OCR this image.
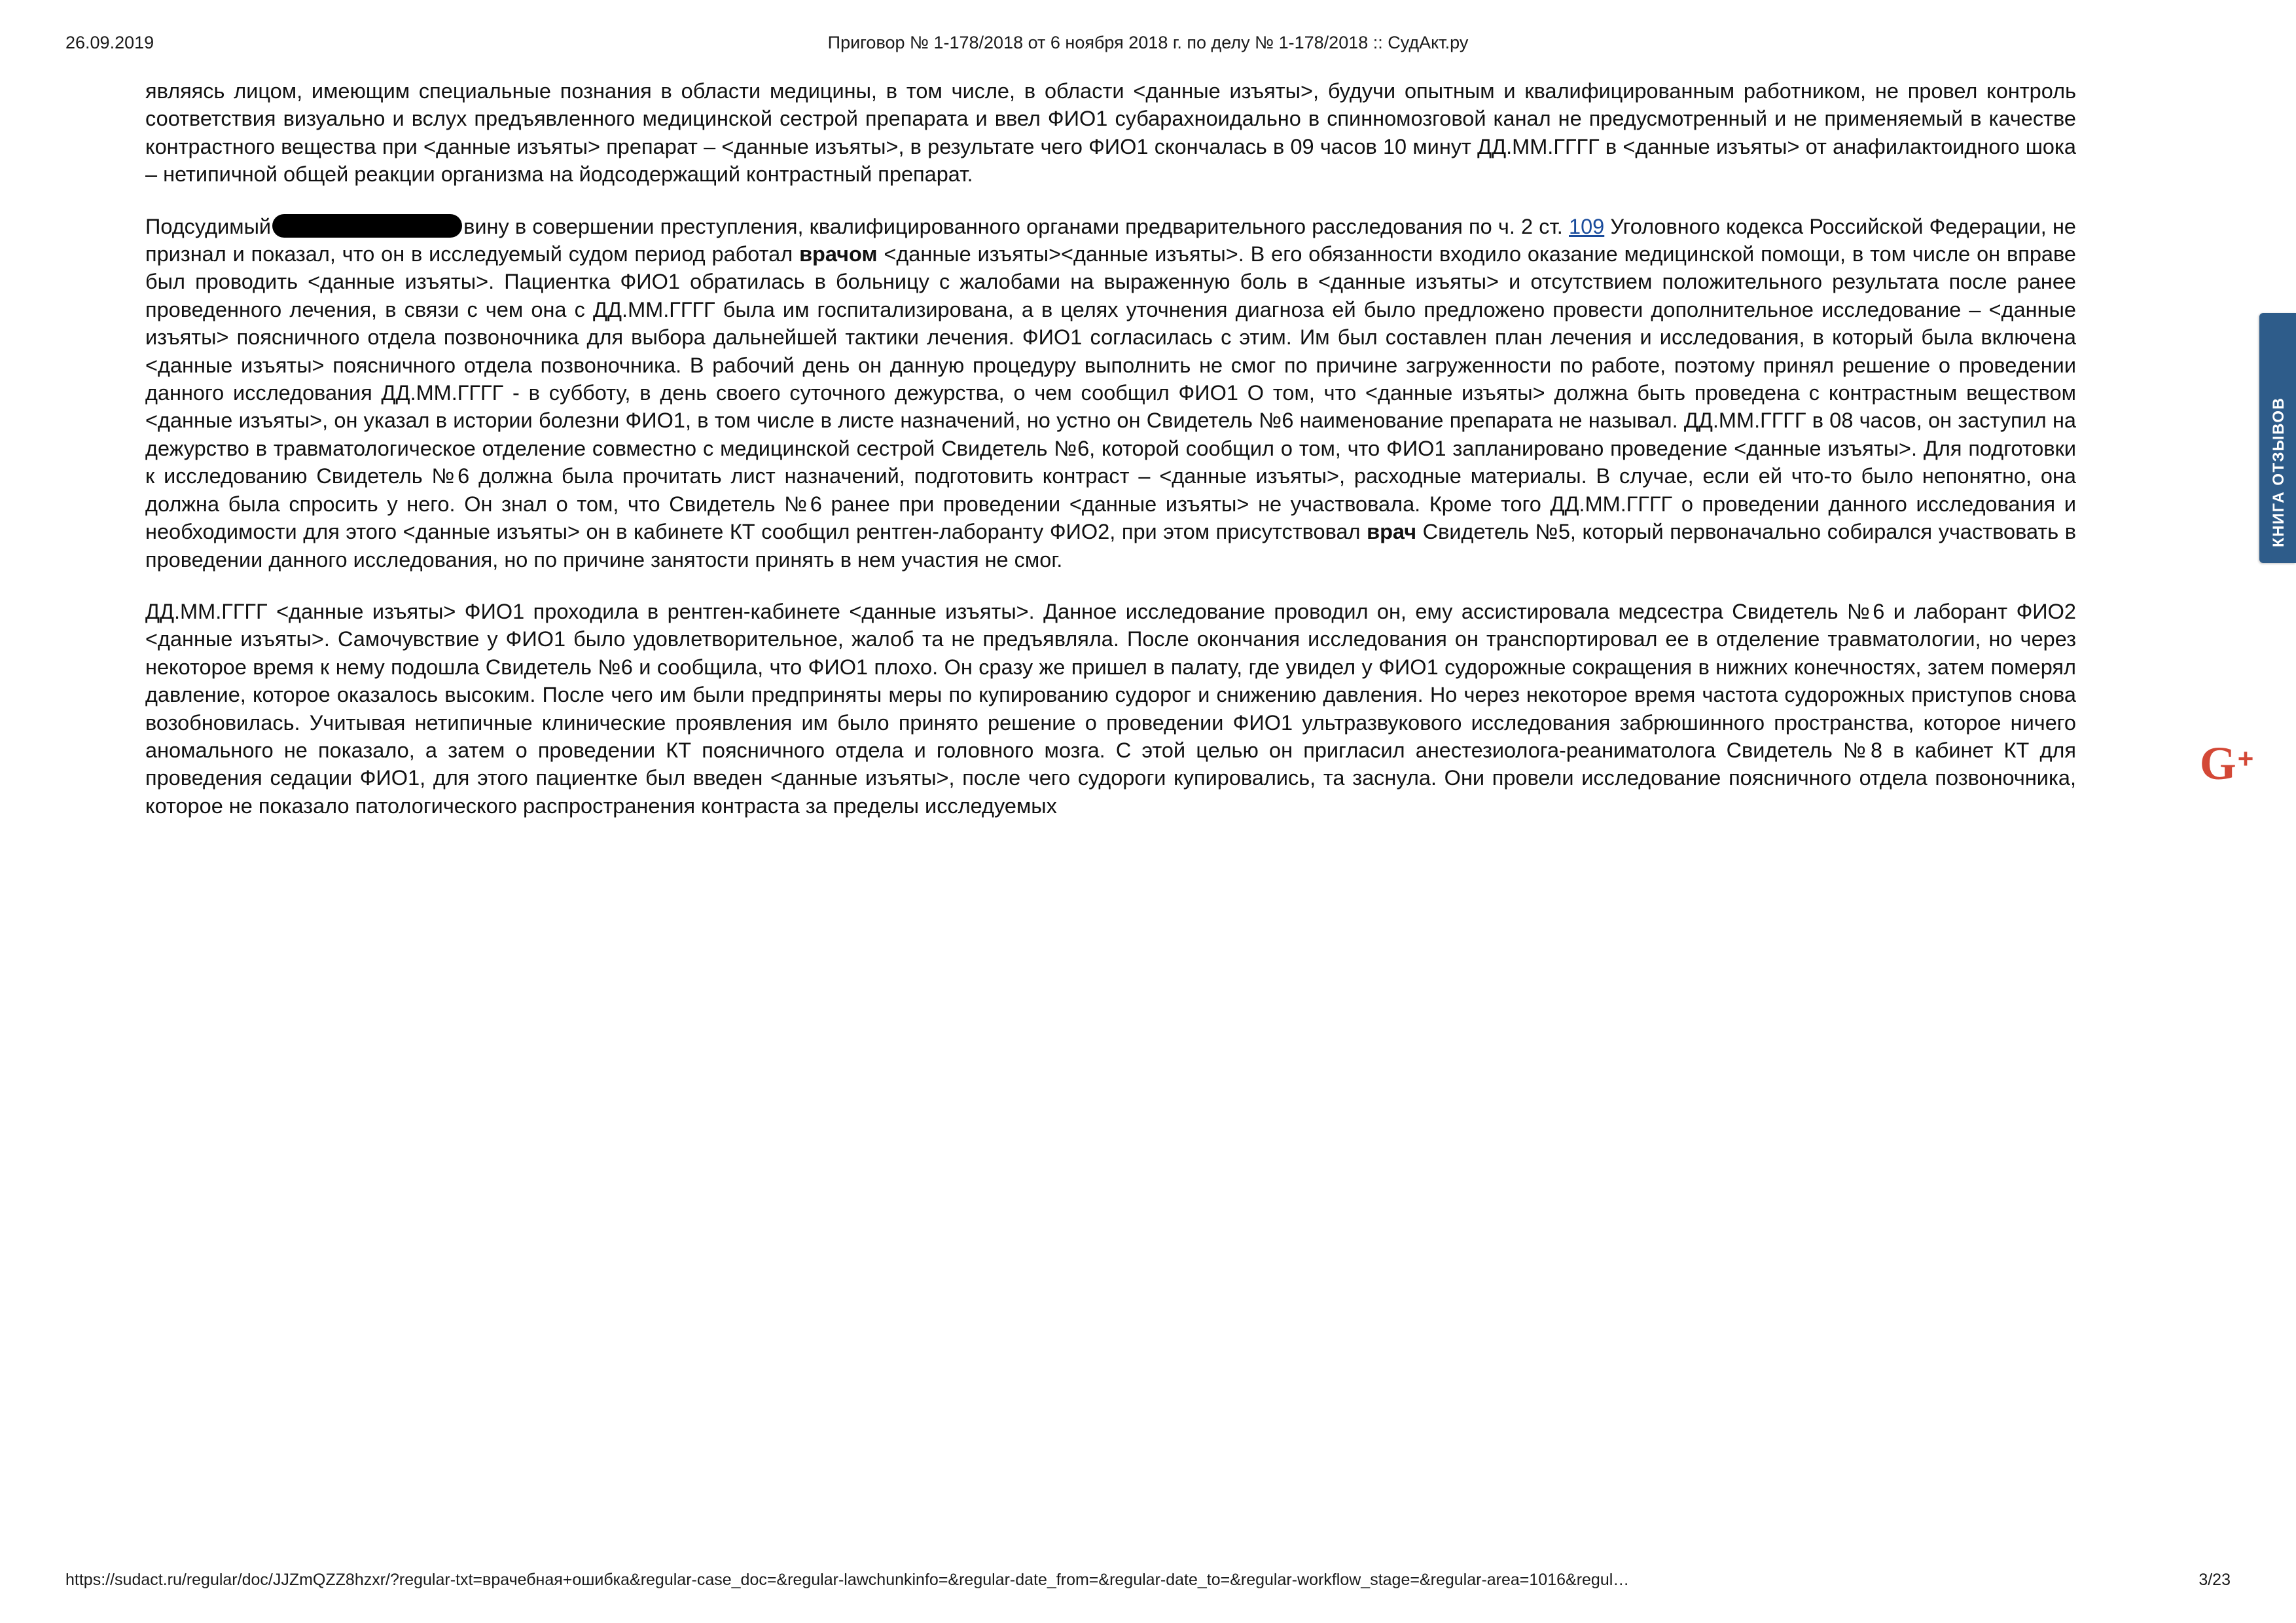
26.09.2019	Приговор № 1-178/2018 от 6 ноября 2018 г. по делу № 1-178/2018 :: СудАкт.ру

являясь лицом, имеющим специальные познания в области медицины, в том числе, в области <данные изъяты>, будучи опытным и квалифицированным работником, не провел контроль соответствия визуально и вслух предъявленного медицинской сестрой препарата и ввел ФИО1 субарахноидально в спинномозговой канал не предусмотренный и не применяемый в качестве контрастного вещества при <данные изъяты> препарат – <данные изъяты>, в результате чего ФИО1 скончалась в 09 часов 10 минут ДД.ММ.ГГГГ в <данные изъяты> от анафилактоидного шока – нетипичной общей реакции организма на йодсодержащий контрастный препарат.

Подсудимый	вину в совершении преступления, квалифицированного органами предварительного расследования по ч. 2 ст. 109 Уголовного кодекса Российской Федерации, не признал и показал, что он в исследуемый судом период работал врачом <данные изъяты><данные изъяты>. В его обязанности входило оказание медицинской помощи, в том числе он вправе был проводить <данные изъяты>. Пациентка ФИО1 обратилась в больницу с жалобами на выраженную боль в <данные изъяты> и отсутствием положительного результата после ранее проведенного лечения, в связи с чем она с ДД.ММ.ГГГГ была им госпитализирована, а в целях уточнения диагноза ей было предложено провести дополнительное исследование – <данные изъяты> поясничного отдела позвоночника для выбора дальнейшей тактики лечения. ФИО1 согласилась с этим. Им был составлен план лечения и исследования, в который была включена <данные изъяты> поясничного отдела позвоночника. В рабочий день он данную процедуру выполнить не смог по причине загруженности по работе, поэтому принял решение о проведении данного исследования ДД.ММ.ГГГГ - в субботу, в день своего суточного дежурства, о чем сообщил ФИО1 О том, что <данные изъяты> должна быть проведена с контрастным веществом <данные изъяты>, он указал в истории болезни ФИО1, в том числе в листе назначений, но устно он Свидетель №6 наименование препарата не называл. ДД.ММ.ГГГГ в 08 часов, он заступил на дежурство в травматологическое отделение совместно с медицинской сестрой Свидетель №6, которой сообщил о том, что ФИО1 запланировано проведение <данные изъяты>. Для подготовки к исследованию Свидетель №6 должна была прочитать лист назначений, подготовить контраст – <данные изъяты>, расходные материалы. В случае, если ей что-то было непонятно, она должна была спросить у него. Он знал о том, что Свидетель №6 ранее при проведении <данные изъяты> не участвовала. Кроме того ДД.ММ.ГГГГ о проведении данного исследования и необходимости для этого <данные изъяты> он в кабинете КТ сообщил рентген-лаборанту ФИО2, при этом присутствовал врач Свидетель №5, который первоначально собирался участвовать в проведении данного исследования, но по причине занятости принять в нем участия не смог.

ДД.ММ.ГГГГ <данные изъяты> ФИО1 проходила в рентген-кабинете <данные изъяты>. Данное исследование проводил он, ему ассистировала медсестра Свидетель №6 и лаборант ФИО2 <данные изъяты>. Самочувствие у ФИО1 было удовлетворительное, жалоб та не предъявляла. После окончания исследования он транспортировал ее в отделение травматологии, но через некоторое время к нему подошла Свидетель №6 и сообщила, что ФИО1 плохо. Он сразу же пришел в палату, где увидел у ФИО1 судорожные сокращения в нижних конечностях, затем померял давление, которое оказалось высоким. После чего им были предприняты меры по купированию судорог и снижению давления. Но через некоторое время частота судорожных приступов снова возобновилась. Учитывая нетипичные клинические проявления им было принято решение о проведении ФИО1 ультразвукового исследования забрюшинного пространства, которое ничего аномального не показало, а затем о проведении КТ поясничного отдела и головного мозга. С этой целью он пригласил анестезиолога-реаниматолога Свидетель №8 в кабинет КТ для проведения седации ФИО1, для этого пациентке был введен <данные изъяты>, после чего судороги купировались, та заснула. Они провели исследование поясничного отдела позвоночника, которое не показало патологического распространения контраста за пределы исследуемых

КНИГА ОТЗЫВОВ
G +
https://sudact.ru/regular/doc/JJZmQZZ8hzxr/?regular-txt=врачебная+ошибка&regular-case_doc=&regular-lawchunkinfo=&regular-date_from=&regular-date_to=&regular-workflow_stage=&regular-area=1016&regul…	3/23
